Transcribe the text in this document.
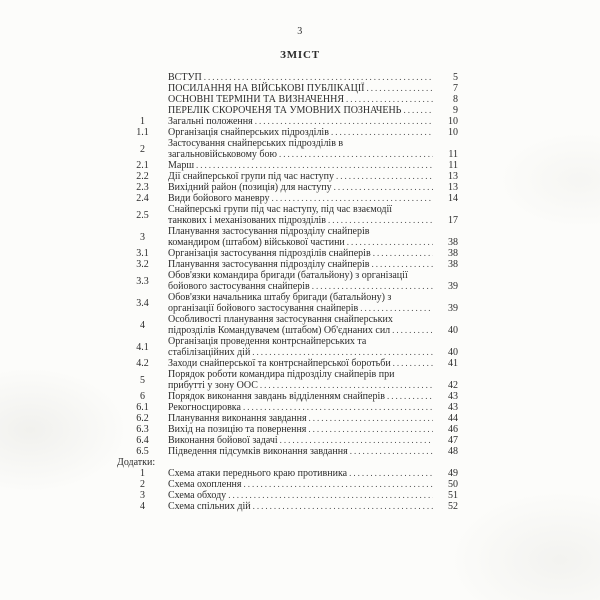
3
ЗМІСТ
ВСТУП .....	5
ПОСИЛАННЯ НА ВІЙСЬКОВІ ПУБЛІКАЦІЇ .....	7
ОСНОВНІ ТЕРМІНИ ТА ВИЗНАЧЕННЯ .....	8
ПЕРЕЛІК СКОРОЧЕНЯ ТА УМОВНИХ ПОЗНАЧЕНЬ .....	9
1	Загальні положення .....	10
1.1	Організація снайперських підрозділів .....	10
2	Застосування снайперських підрозділів в
загальновійськовому бою .....	11
2.1	Марш .....	11
2.2	Дії снайперської групи під час наступу .....	13
2.3	Вихідний район (позиція) для наступу .....	13
2.4	Види бойового маневру .....	14
2.5	Снайперські групи під час наступу, під час взаємодії
танкових і механізованих підрозділів .....	17
3	Планування застосування підрозділу снайперів
командиром (штабом) військової частини .....	38
3.1	Організація застосування підрозділів снайперів .....	38
3.2	Планування застосування підрозділу снайперів .....	38
3.3	Обов'язки командира бригади (батальйону) з організації
бойового застосування снайперів .....	39
3.4	Обов'язки начальника штабу бригади (батальйону) з
організації бойового застосування снайперів .....	39
4	Особливості планування застосування снайперських
підрозділів Командувачем (штабом) Об'єднаних сил .....	40
4.1	Організація проведення контрснайперських та
стабілізаційних дій .....	40
4.2	Заходи снайперської та контрснайперської боротьби .....	41
5	Порядок роботи командира підрозділу снайперів при
прибутті у зону ООС .....	42
6	Порядок виконання завдань відділенням снайперів .....	43
6.1	Рекогносцировка .....	43
6.2	Планування виконання завдання .....	44
6.3	Вихід на позицію та повернення .....	46
6.4	Виконання бойової задачі .....	47
6.5	Підведення підсумків виконання завдання .....	48
Додатки:
1	Схема атаки переднього краю противника .....	49
2	Схема охоплення .....	50
3	Схема обходу .....	51
4	Схема спільних дій .....	52
